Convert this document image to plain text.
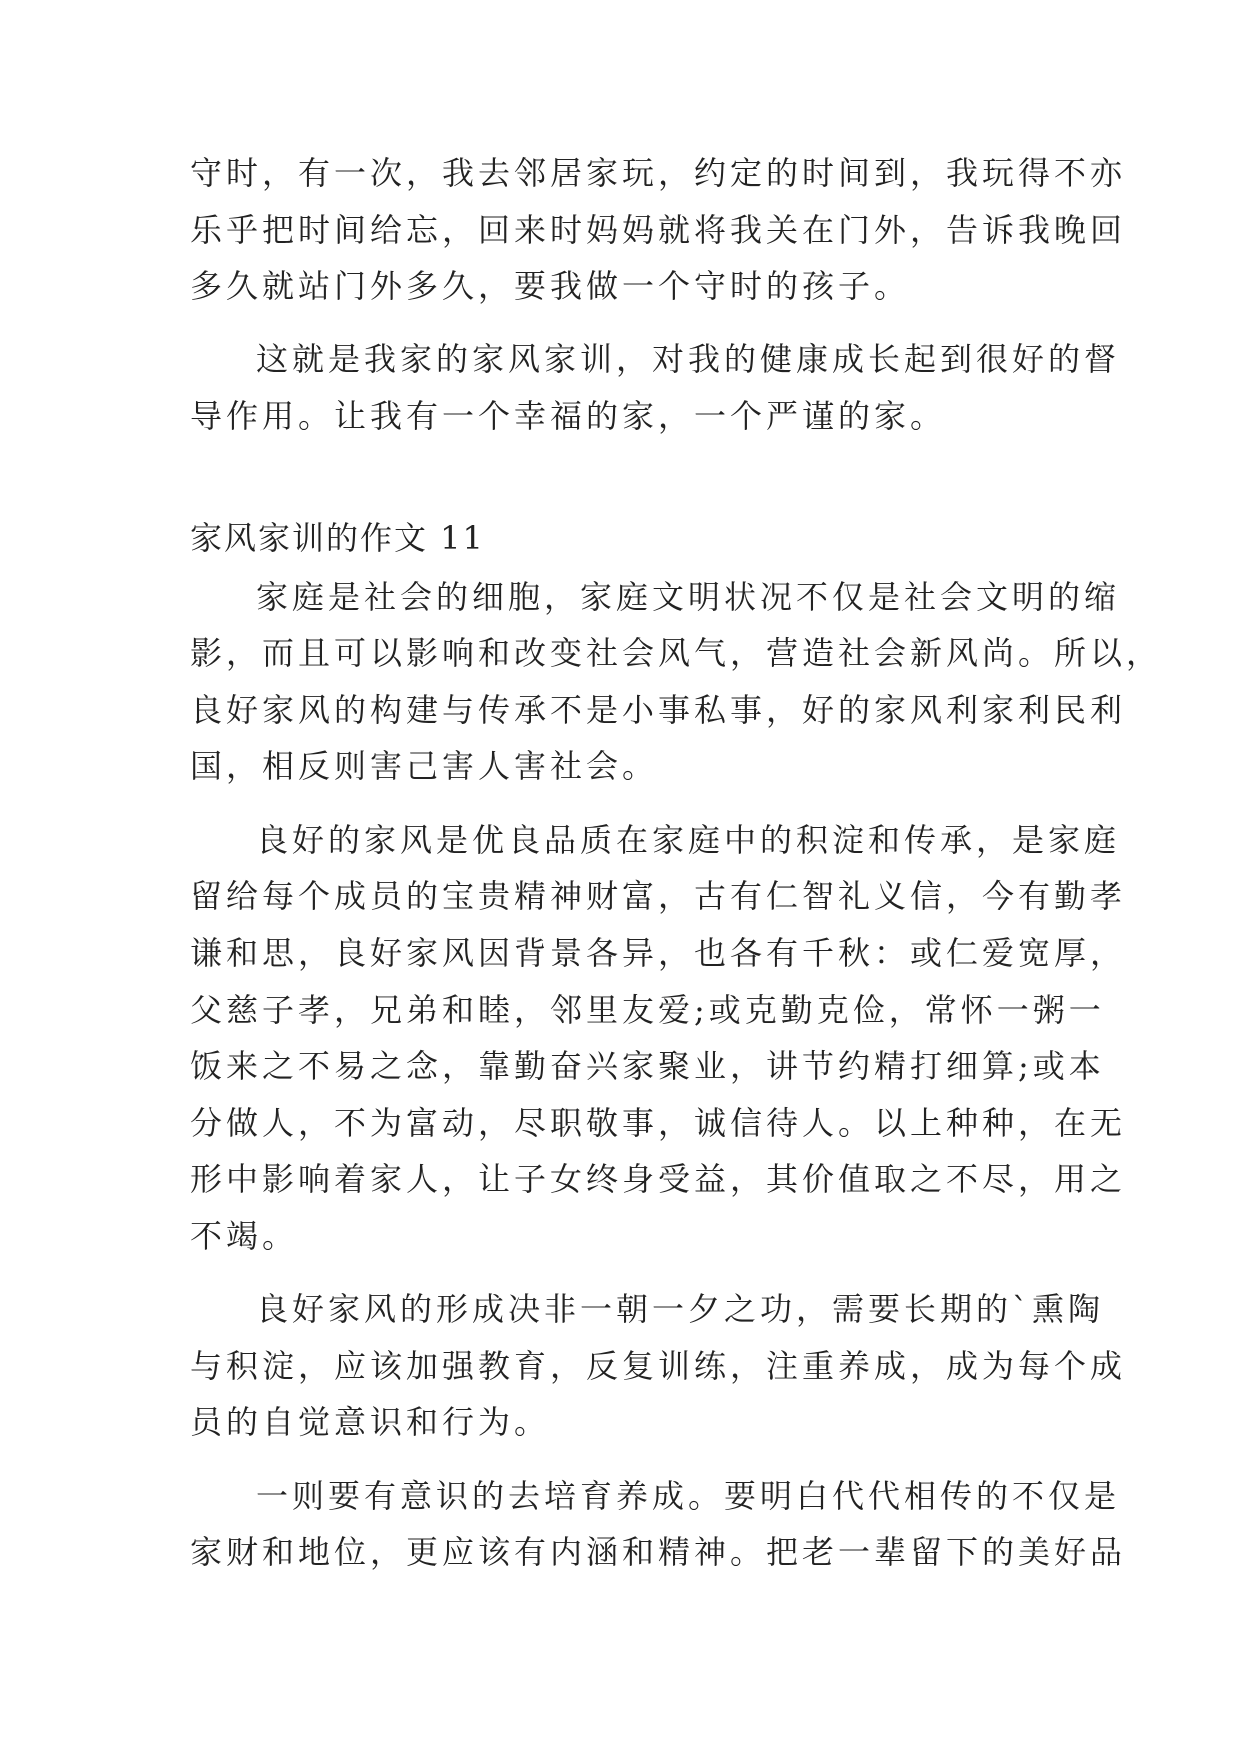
守时，有一次，我去邻居家玩，约定的时间到，我玩得不亦
乐乎把时间给忘，回来时妈妈就将我关在门外，告诉我晚回
多久就站门外多久，要我做一个守时的孩子。
这就是我家的家风家训，对我的健康成长起到很好的督
导作用。让我有一个幸福的家，一个严谨的家。
家风家训的作文 11
家庭是社会的细胞，家庭文明状况不仅是社会文明的缩
影，而且可以影响和改变社会风气，营造社会新风尚。所以，
良好家风的构建与传承不是小事私事，好的家风利家利民利
国，相反则害己害人害社会。
良好的家风是优良品质在家庭中的积淀和传承，是家庭
留给每个成员的宝贵精神财富，古有仁智礼义信，今有勤孝
谦和思，良好家风因背景各异，也各有千秋：或仁爱宽厚，
父慈子孝，兄弟和睦，邻里友爱;或克勤克俭，常怀一粥一
饭来之不易之念，靠勤奋兴家聚业，讲节约精打细算;或本
分做人，不为富动，尽职敬事，诚信待人。以上种种，在无
形中影响着家人，让子女终身受益，其价值取之不尽，用之
不竭。
良好家风的形成决非一朝一夕之功，需要长期的`熏陶
与积淀，应该加强教育，反复训练，注重养成，成为每个成
员的自觉意识和行为。
一则要有意识的去培育养成。要明白代代相传的不仅是
家财和地位，更应该有内涵和精神。把老一辈留下的美好品
